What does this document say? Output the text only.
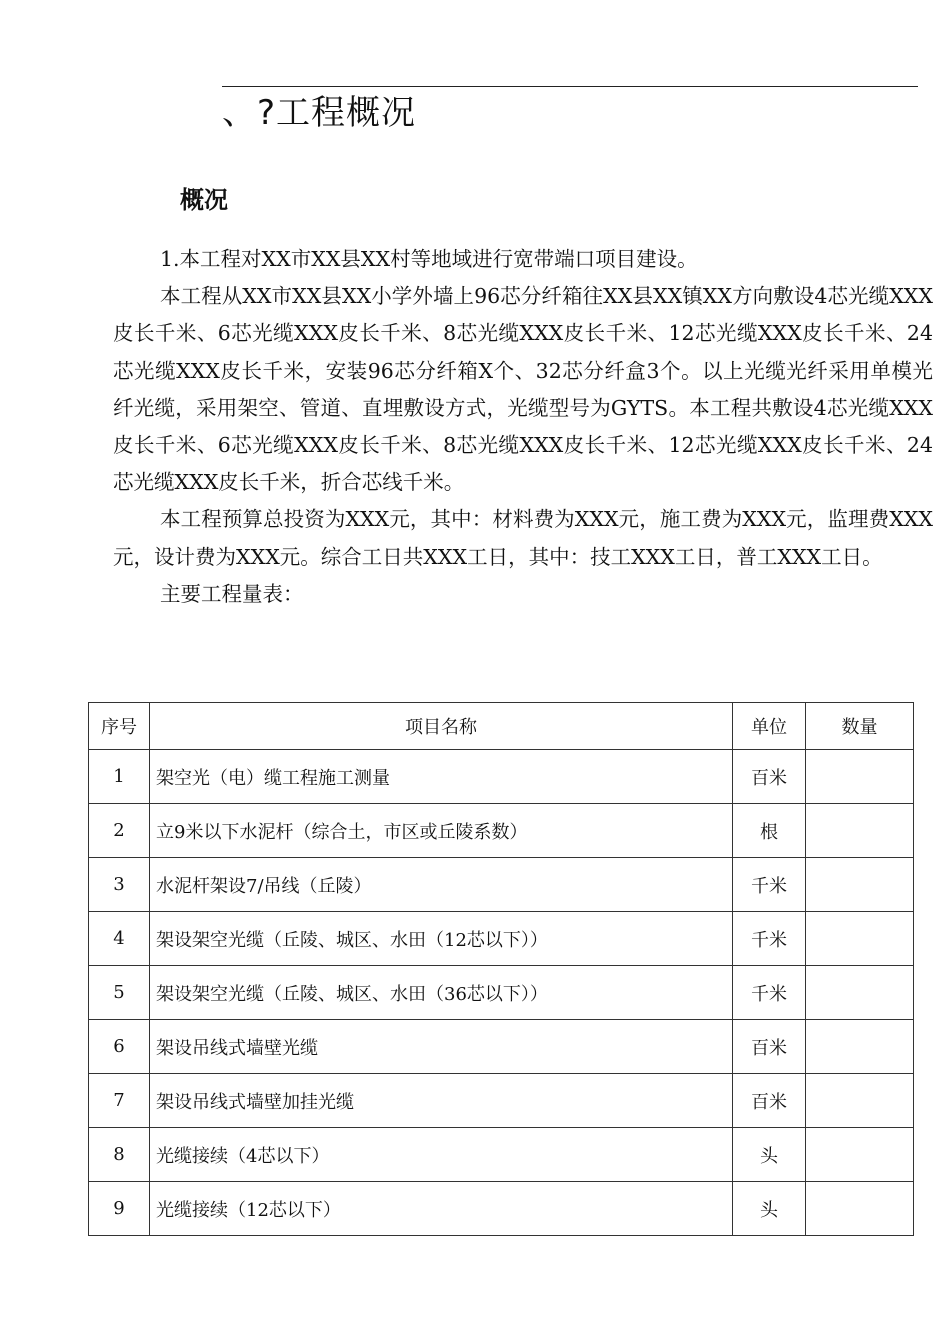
、?工程概况
概况

1.本工程对XX市XX县XX村等地域进行宽带端口项目建设。

本工程从XX市XX县XX小学外墙上96芯分纤箱往XX县XX镇XX方向敷设4芯光缆XXX皮长千米、6芯光缆XXX皮长千米、8芯光缆XXX皮长千米、12芯光缆XXX皮长千米、24芯光缆XXX皮长千米，安装96芯分纤箱X个、32芯分纤盒3个。以上光缆光纤采用单模光纤光缆，采用架空、管道、直埋敷设方式，光缆型号为GYTS。本工程共敷设4芯光缆XXX皮长千米、6芯光缆XXX皮长千米、8芯光缆XXX皮长千米、12芯光缆XXX皮长千米、24芯光缆XXX皮长千米，折合芯线千米。

本工程预算总投资为XXX元，其中：材料费为XXX元，施工费为XXX元，监理费XXX元，设计费为XXX元。综合工日共XXX工日，其中：技工XXX工日，普工XXX工日。

主要工程量表：

序号	项目名称	单位	数量
1	架空光（电）缆工程施工测量	百米	
2	立9米以下水泥杆（综合土，市区或丘陵系数）	根	
3	水泥杆架设7/吊线（丘陵）	千米	
4	架设架空光缆（丘陵、城区、水田（12芯以下））	千米	
5	架设架空光缆（丘陵、城区、水田（36芯以下））	千米	
6	架设吊线式墙壁光缆	百米	
7	架设吊线式墙壁加挂光缆	百米	
8	光缆接续（4芯以下）	头	
9	光缆接续（12芯以下）	头	
